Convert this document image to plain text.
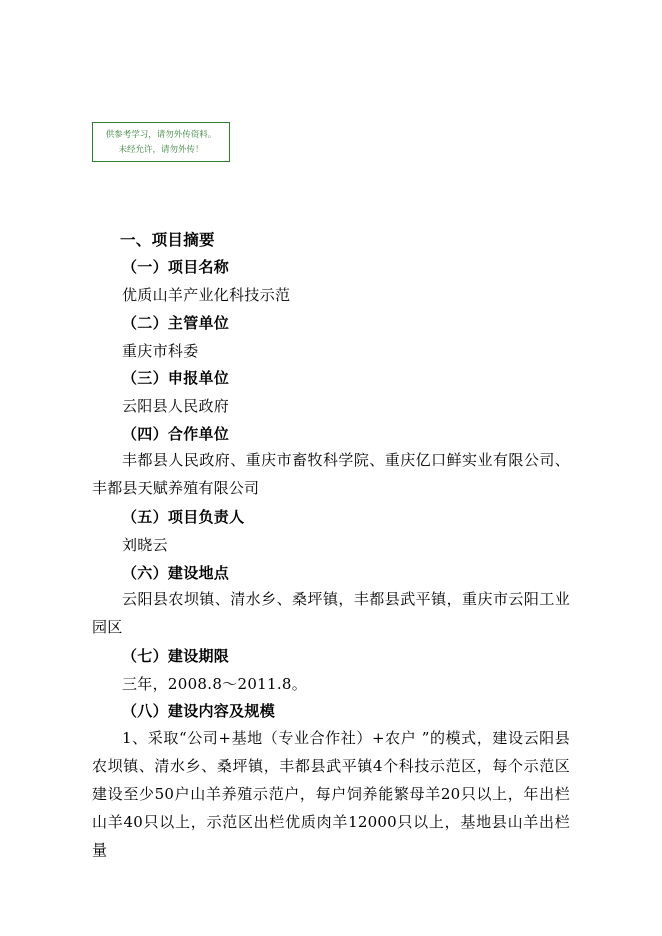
供参考学习，请勿外传资料。
未经允许，请勿外传！
一、项目摘要
（一）项目名称
优质山羊产业化科技示范
（二）主管单位
重庆市科委
（三）申报单位
云阳县人民政府
（四）合作单位
丰都县人民政府、重庆市畜牧科学院、重庆亿口鲜实业有限公司、丰都县天赋养殖有限公司
（五）项目负责人
刘晓云
（六）建设地点
云阳县农坝镇、清水乡、桑坪镇，丰都县武平镇，重庆市云阳工业园区
（七）建设期限
三年，2008.8～2011.8。
（八）建设内容及规模
1、采取“公司+基地（专业合作社）+农户 ”的模式，建设云阳县农坝镇、清水乡、桑坪镇，丰都县武平镇4个科技示范区，每个示范区建设至少50户山羊养殖示范户，每户饲养能繁母羊20只以上，年出栏山羊40只以上，示范区出栏优质肉羊12000只以上，基地县山羊出栏量
